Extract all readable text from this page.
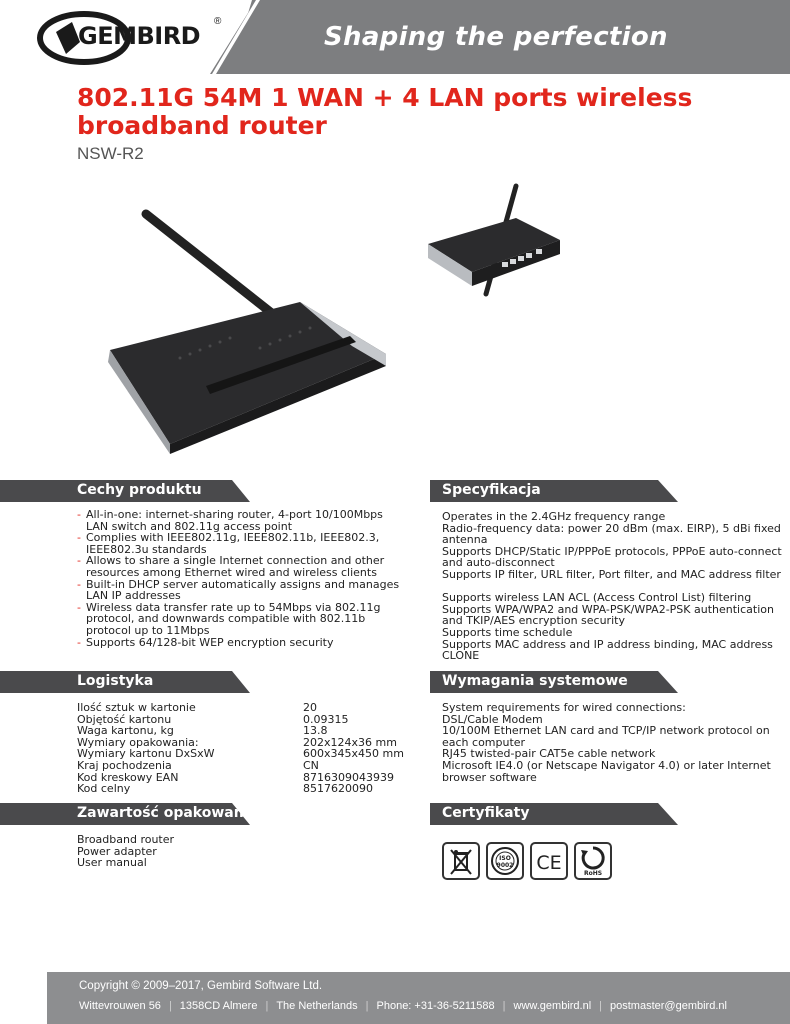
GEMBIRD
®
Shaping the perfection
802.11G 54M 1 WAN + 4 LAN ports wireless broadband router
NSW-R2
Cechy produktu
- All-in-one: internet-sharing router, 4-port 10/100Mbps LAN switch and 802.11g access point
- Complies with IEEE802.11g, IEEE802.11b, IEEE802.3, IEEE802.3u standards
- Allows to share a single Internet connection and other resources among Ethernet wired and wireless clients
- Built-in DHCP server automatically assigns and manages LAN IP addresses
- Wireless data transfer rate up to 54Mbps via 802.11g protocol, and downwards compatible with 802.11b protocol up to 11Mbps
- Supports 64/128-bit WEP encryption security
Specyfikacja
Operates in the 2.4GHz frequency range
Radio-frequency data: power 20 dBm (max. EIRP), 5 dBi fixed antenna
Supports DHCP/Static IP/PPPoE protocols, PPPoE auto-connect and auto-disconnect
Supports IP filter, URL filter, Port filter, and MAC address filter
Supports wireless LAN ACL (Access Control List) filtering
Supports WPA/WPA2 and WPA-PSK/WPA2-PSK authentication and TKIP/AES encryption security
Supports time schedule
Supports MAC address and IP address binding, MAC address CLONE
Logistyka
Ilość sztuk w kartonie	20
Objętość kartonu	0.09315
Waga kartonu, kg	13.8
Wymiary opakowania:	202x124x36 mm
Wymiary kartonu DxSxW	600x345x450 mm
Kraj pochodzenia	CN
Kod kreskowy EAN	8716309043939
Kod celny	8517620090
Wymagania systemowe
System requirements for wired connections:
DSL/Cable Modem
10/100M Ethernet LAN card and TCP/IP network protocol on each computer
RJ45 twisted-pair CAT5e cable network
Microsoft IE4.0 (or Netscape Navigator 4.0) or later Internet browser software
Zawartość opakowania
Broadband router
Power adapter
User manual
Certyfikaty
ISO
9002 CE	RoHS
Copyright © 2009–2017, Gembird Software Ltd.
Wittevrouwen 56 | 1358CD Almere | The Netherlands | Phone: +31-36-5211588 | www.gembird.nl | postmaster@gembird.nl
